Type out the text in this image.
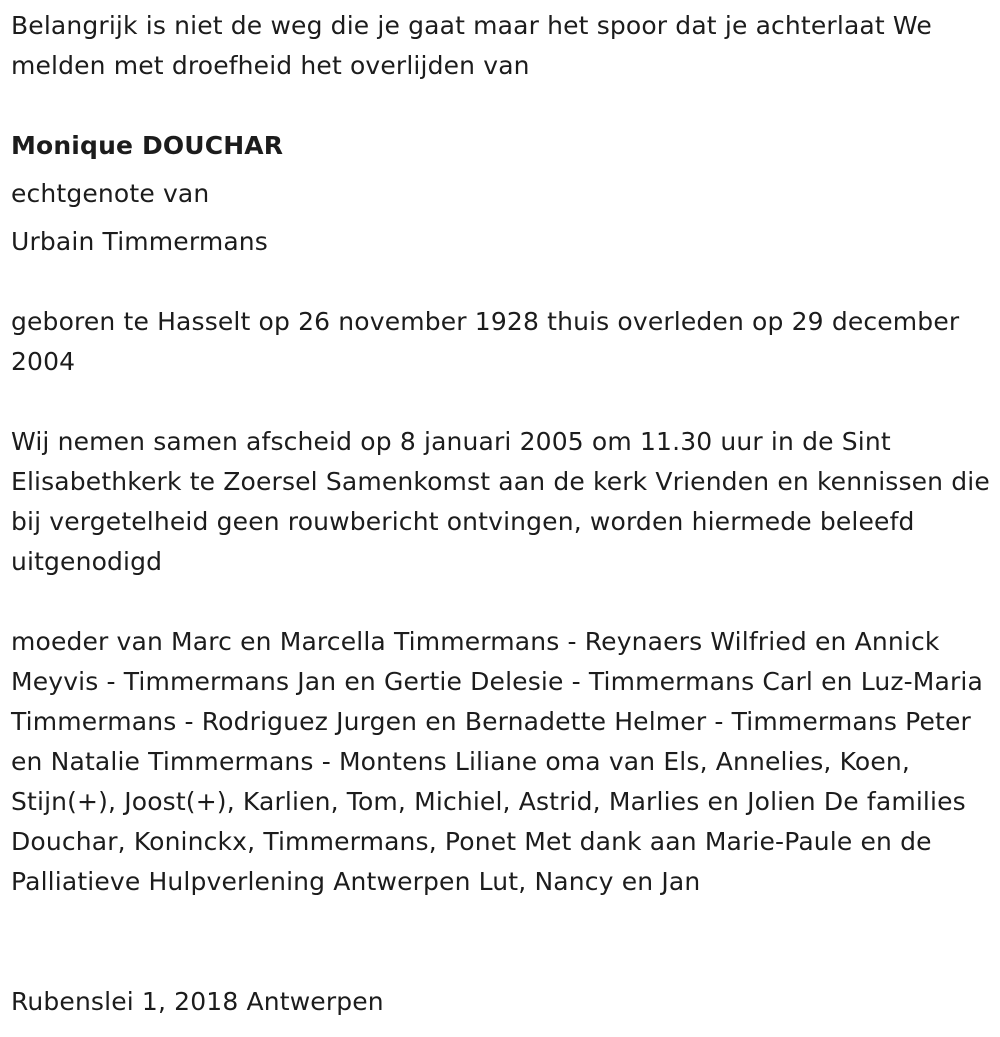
Belangrijk is niet de weg die je gaat maar het spoor dat je achterlaat We melden met droefheid het overlijden van

Monique DOUCHAR

echtgenote van

Urbain Timmermans

geboren te Hasselt op 26 november 1928 thuis overleden op 29 december 2004

Wij nemen samen afscheid op 8 januari 2005 om 11.30 uur in de Sint Elisabethkerk te Zoersel Samenkomst aan de kerk Vrienden en kennissen die bij vergetelheid geen rouwbericht ontvingen, worden hiermede beleefd uitgenodigd

moeder van Marc en Marcella Timmermans - Reynaers Wilfried en Annick Meyvis - Timmermans Jan en Gertie Delesie - Timmermans Carl en Luz-Maria Timmermans - Rodriguez Jurgen en Bernadette Helmer - Timmermans Peter en Natalie Timmermans - Montens Liliane oma van Els, Annelies, Koen, Stijn(+), Joost(+), Karlien, Tom, Michiel, Astrid, Marlies en Jolien De families Douchar, Koninckx, Timmermans, Ponet Met dank aan Marie-Paule en de Palliatieve Hulpverlening Antwerpen Lut, Nancy en Jan

Rubenslei 1, 2018 Antwerpen
